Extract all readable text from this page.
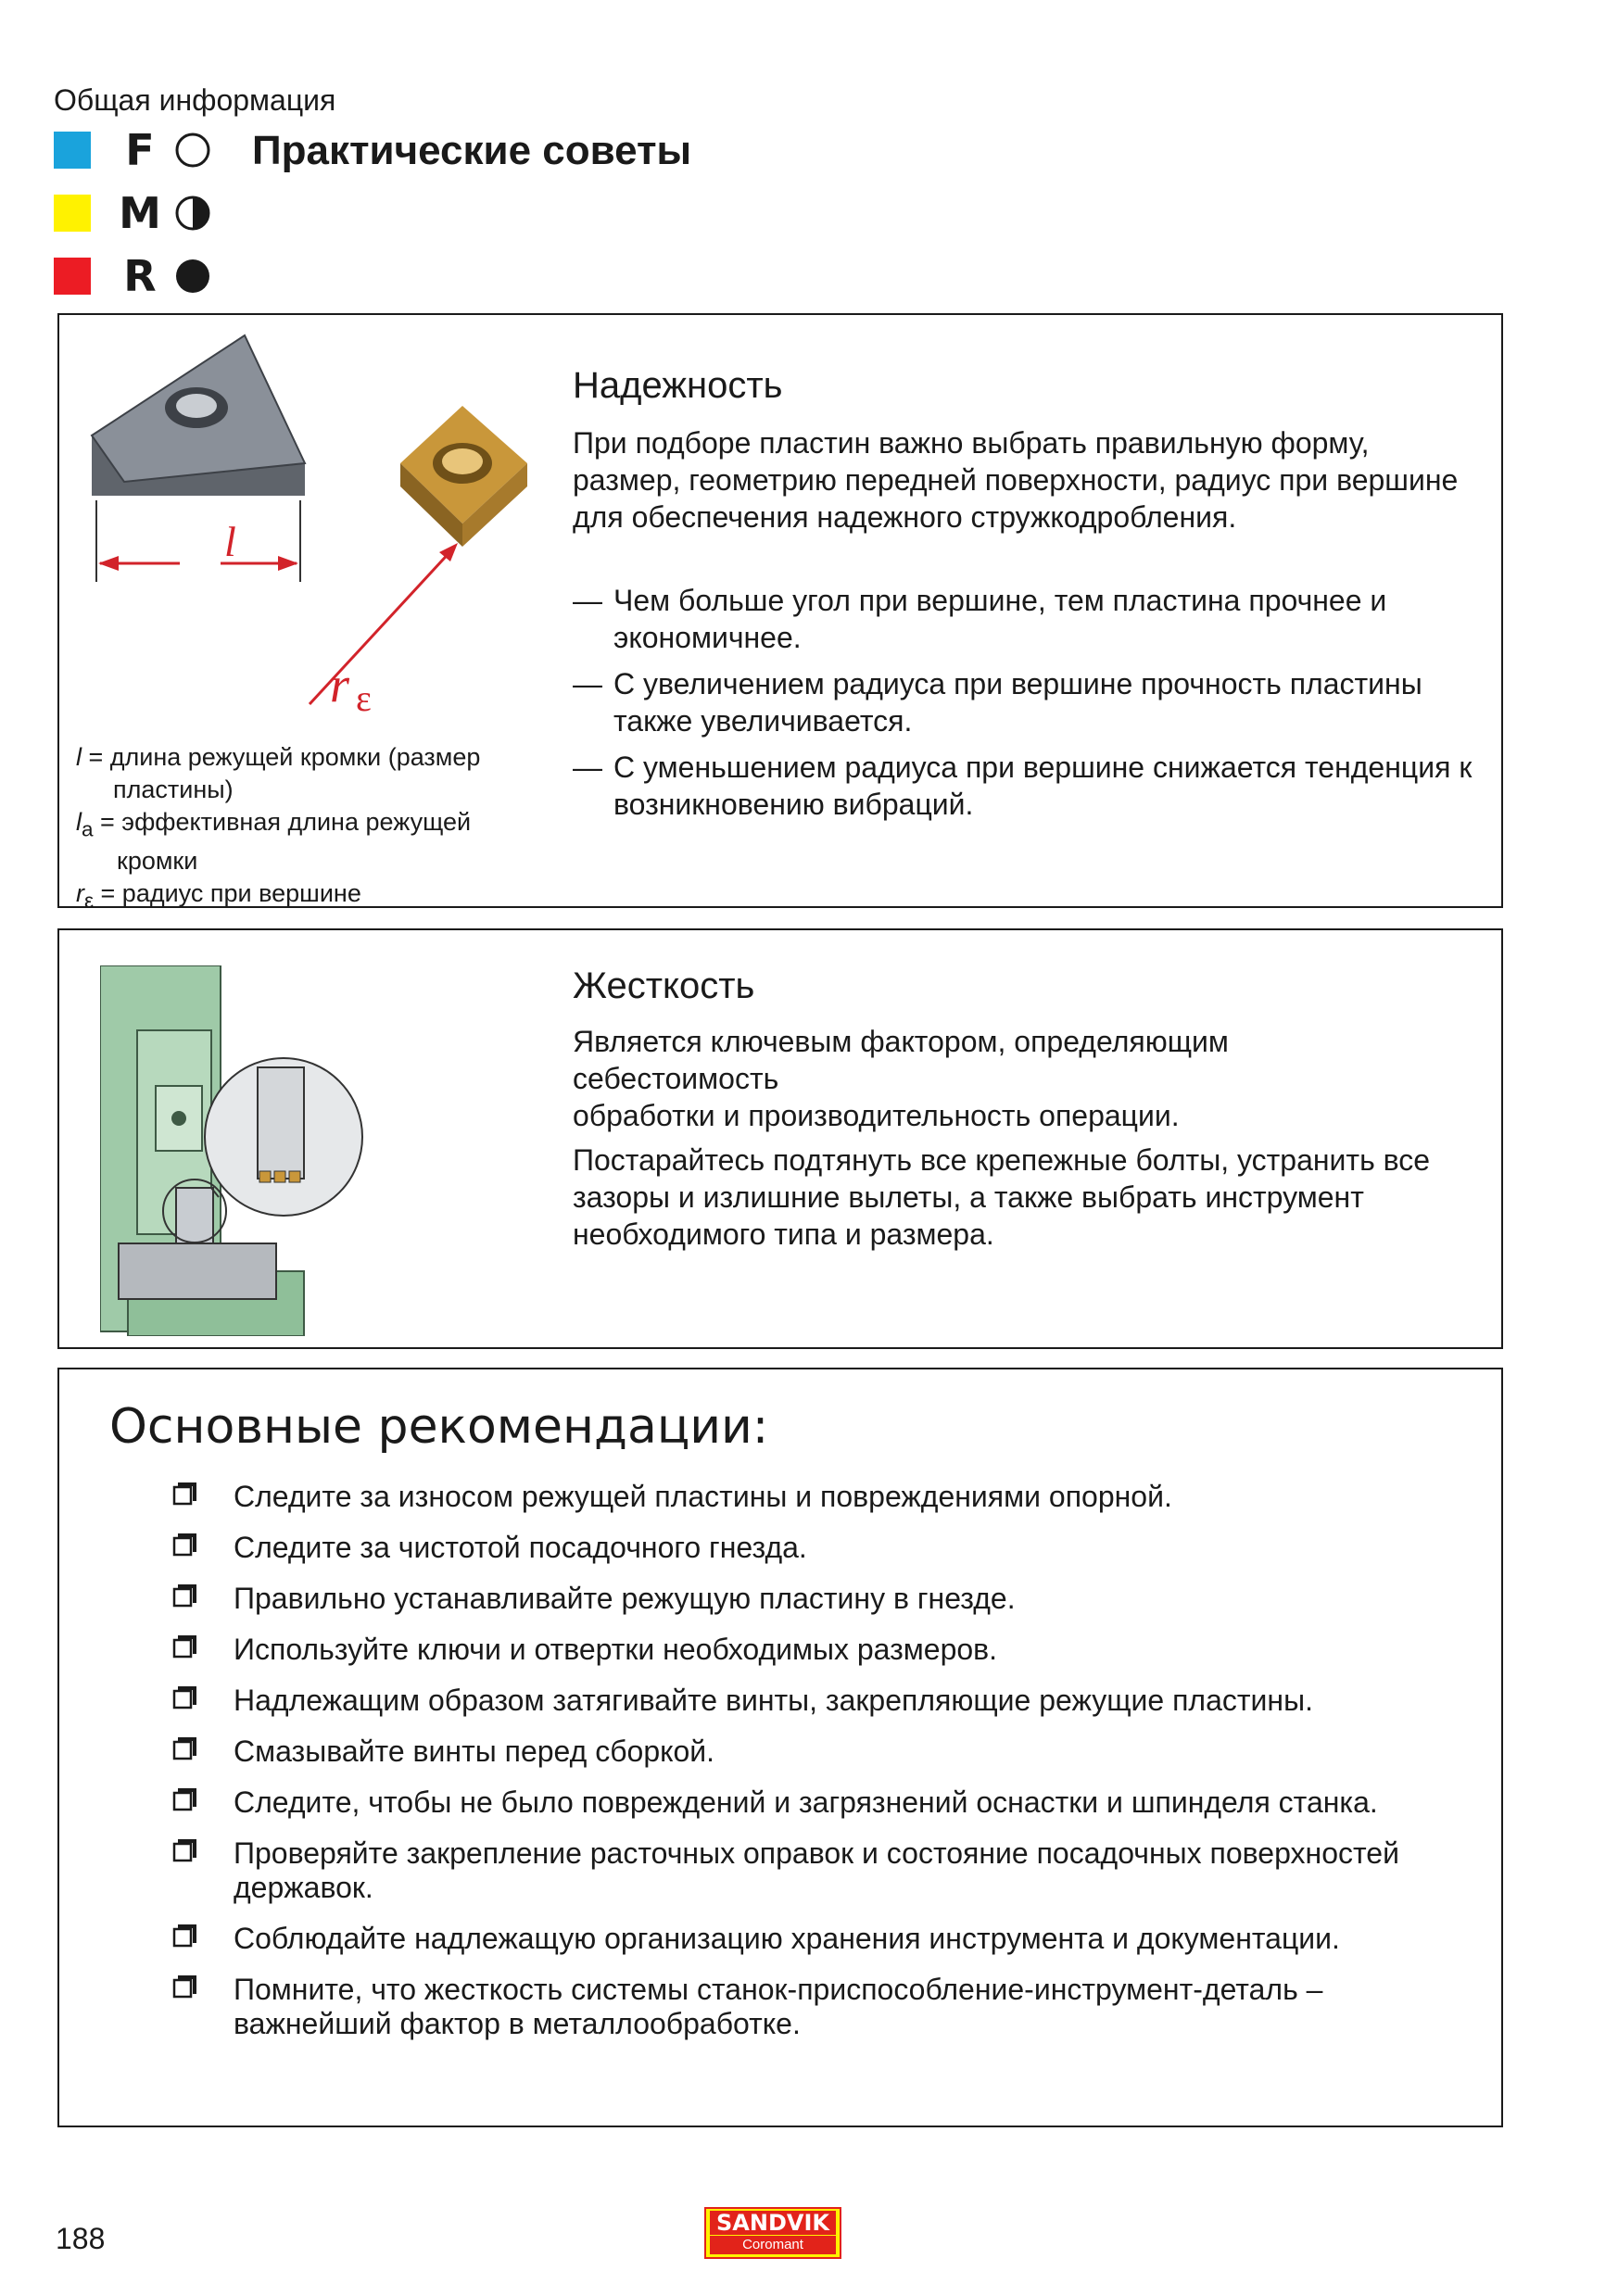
Общая информация
F
M
R
Практические советы
l
r ε
l = длина режущей кромки (размер
пластины)
$l_a$ = эффективная длина режущей
кромки
$r_\varepsilon$ = радиус при вершине
Надежность
При подборе пластин важно выбрать правильную форму, размер, геометрию передней поверхности, радиус при вершине для обеспечения надежного стружкодробления.
— Чем больше угол при вершине, тем пластина прочнее и экономичнее.
— С увеличением радиуса при вершине прочность пластины также увеличивается.
— С уменьшением радиуса при вершине снижается тенденция к возникновению вибраций.
Жесткость
Является ключевым фактором, определяющим
себестоимость
обработки и производительность операции.
Постарайтесь подтянуть все крепежные болты, устранить все зазоры и излишние вылеты, а также выбрать инструмент необходимого типа и размера.
Основные рекомендации:
Следите за износом режущей пластины и повреждениями опорной.
Следите за чистотой посадочного гнезда.
Правильно устанавливайте режущую пластину в гнезде.
Используйте ключи и отвертки необходимых размеров.
Надлежащим образом затягивайте винты, закрепляющие режущие пластины.
Смазывайте винты перед сборкой.
Следите, чтобы не было повреждений и загрязнений оснастки и шпинделя станка.
Проверяйте закрепление расточных оправок и состояние посадочных поверхностей державок.
Соблюдайте надлежащую организацию хранения инструмента и документации.
Помните, что жесткость системы станок-приспособление-инструмент-деталь – важнейший фактор в металлообработке.
188	SANDVIK
Coromant
